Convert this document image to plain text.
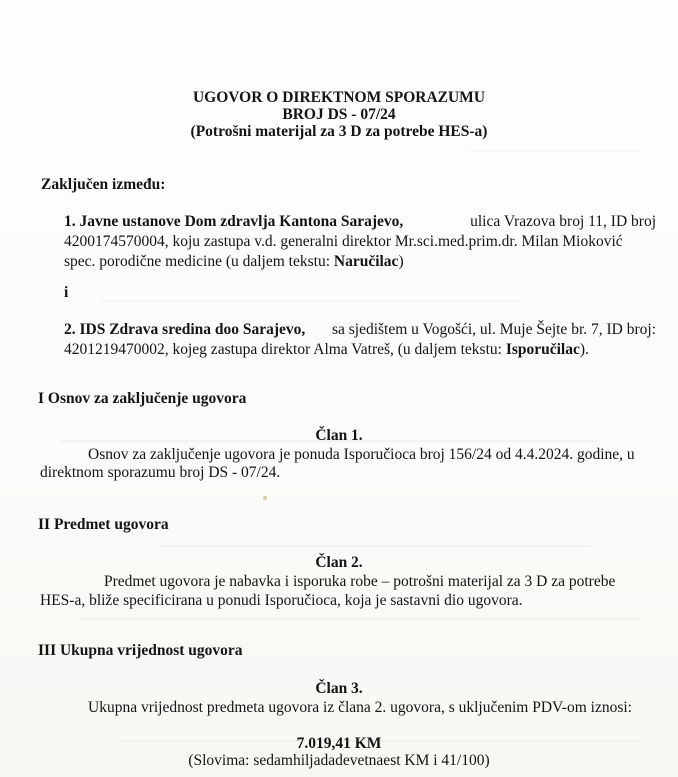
UGOVOR O DIREKTNOM SPORAZUMU
BROJ DS - 07/24
(Potrošni materijal za 3 D za potrebe HES-a)
Zaključen između:
1. Javne ustanove Dom zdravlja Kantona Sarajevo,	ulica Vrazova broj 11, ID broj
4200174570004, koju zastupa v.d. generalni direktor Mr.sci.med.prim.dr. Milan Mioković
spec. porodične medicine (u daljem tekstu: Naručilac)
i
2. IDS Zdrava sredina doo Sarajevo, sa sjedištem u Vogošći, ul. Muje Šejte br. 7, ID broj:
4201219470002, kojeg zastupa direktor Alma Vatreš, (u daljem tekstu: Isporučilac).
I Osnov za zaključenje ugovora
Član 1.
Osnov za zaključenje ugovora je ponuda Isporučioca broj 156/24 od 4.4.2024. godine, u
direktnom sporazumu broj DS - 07/24.
II Predmet ugovora
Član 2.
Predmet ugovora je nabavka i isporuka robe – potrošni materijal za 3 D za potrebe
HES-a, bliže specificirana u ponudi Isporučioca, koja je sastavni dio ugovora.
III Ukupna vrijednost ugovora
Član 3.
Ukupna vrijednost predmeta ugovora iz člana 2. ugovora, s uključenim PDV-om iznosi:
7.019,41 KM
(Slovima: sedamhiljadadevetnaest KM i 41/100)
